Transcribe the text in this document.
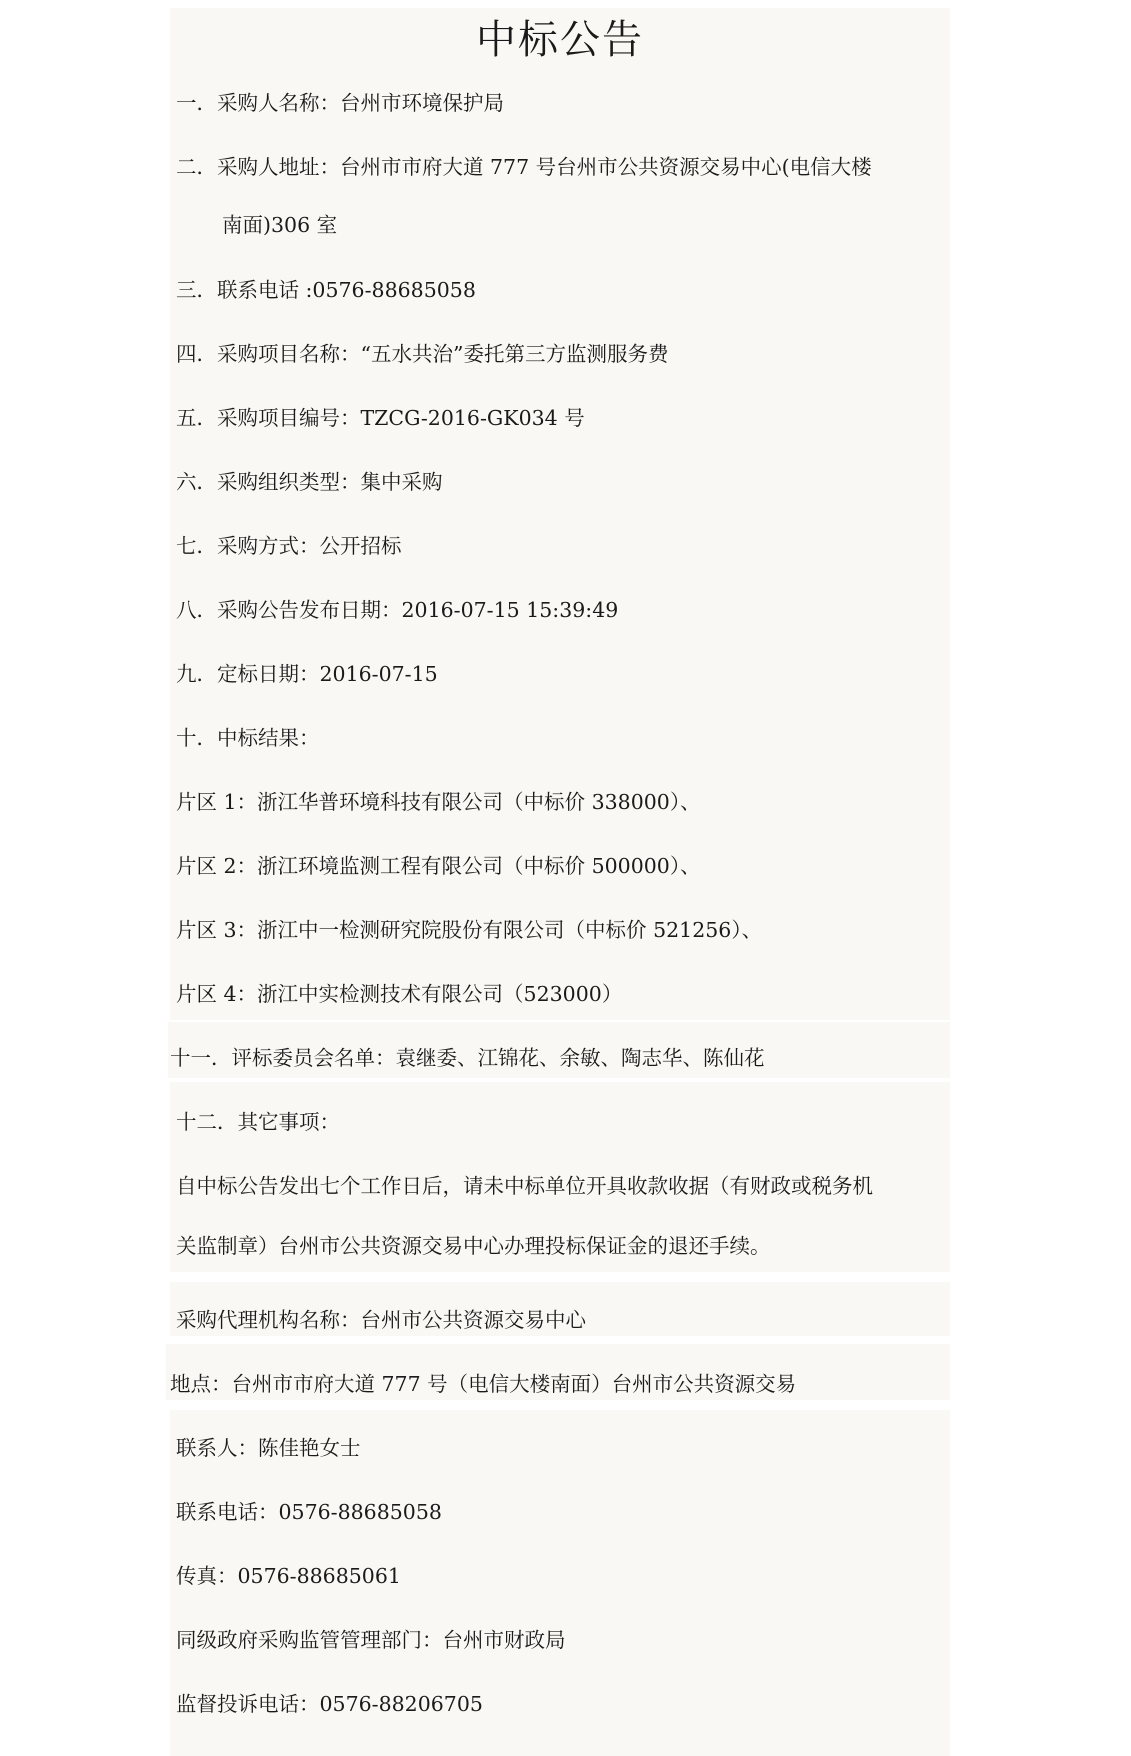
中标公告
一．采购人名称：台州市环境保护局
二．采购人地址：台州市市府大道 777 号台州市公共资源交易中心(电信大楼
南面)306 室
三．联系电话 :0576-88685058
四．采购项目名称：“五水共治”委托第三方监测服务费
五．采购项目编号：TZCG-2016-GK034 号
六．采购组织类型：集中采购
七．采购方式：公开招标
八．采购公告发布日期：2016-07-15 15:39:49
九．定标日期：2016-07-15
十．中标结果：
片区 1：浙江华普环境科技有限公司（中标价 338000）、
片区 2：浙江环境监测工程有限公司（中标价 500000）、
片区 3：浙江中一检测研究院股份有限公司（中标价 521256）、
片区 4：浙江中实检测技术有限公司（523000）
十一．评标委员会名单：袁继委、江锦花、余敏、陶志华、陈仙花
十二．其它事项：
自中标公告发出七个工作日后，请未中标单位开具收款收据（有财政或税务机
关监制章）台州市公共资源交易中心办理投标保证金的退还手续。
采购代理机构名称：台州市公共资源交易中心
地点：台州市市府大道 777 号（电信大楼南面）台州市公共资源交易
联系人：陈佳艳女士
联系电话：0576-88685058
传真：0576-88685061
同级政府采购监管管理部门：台州市财政局
监督投诉电话：0576-88206705
